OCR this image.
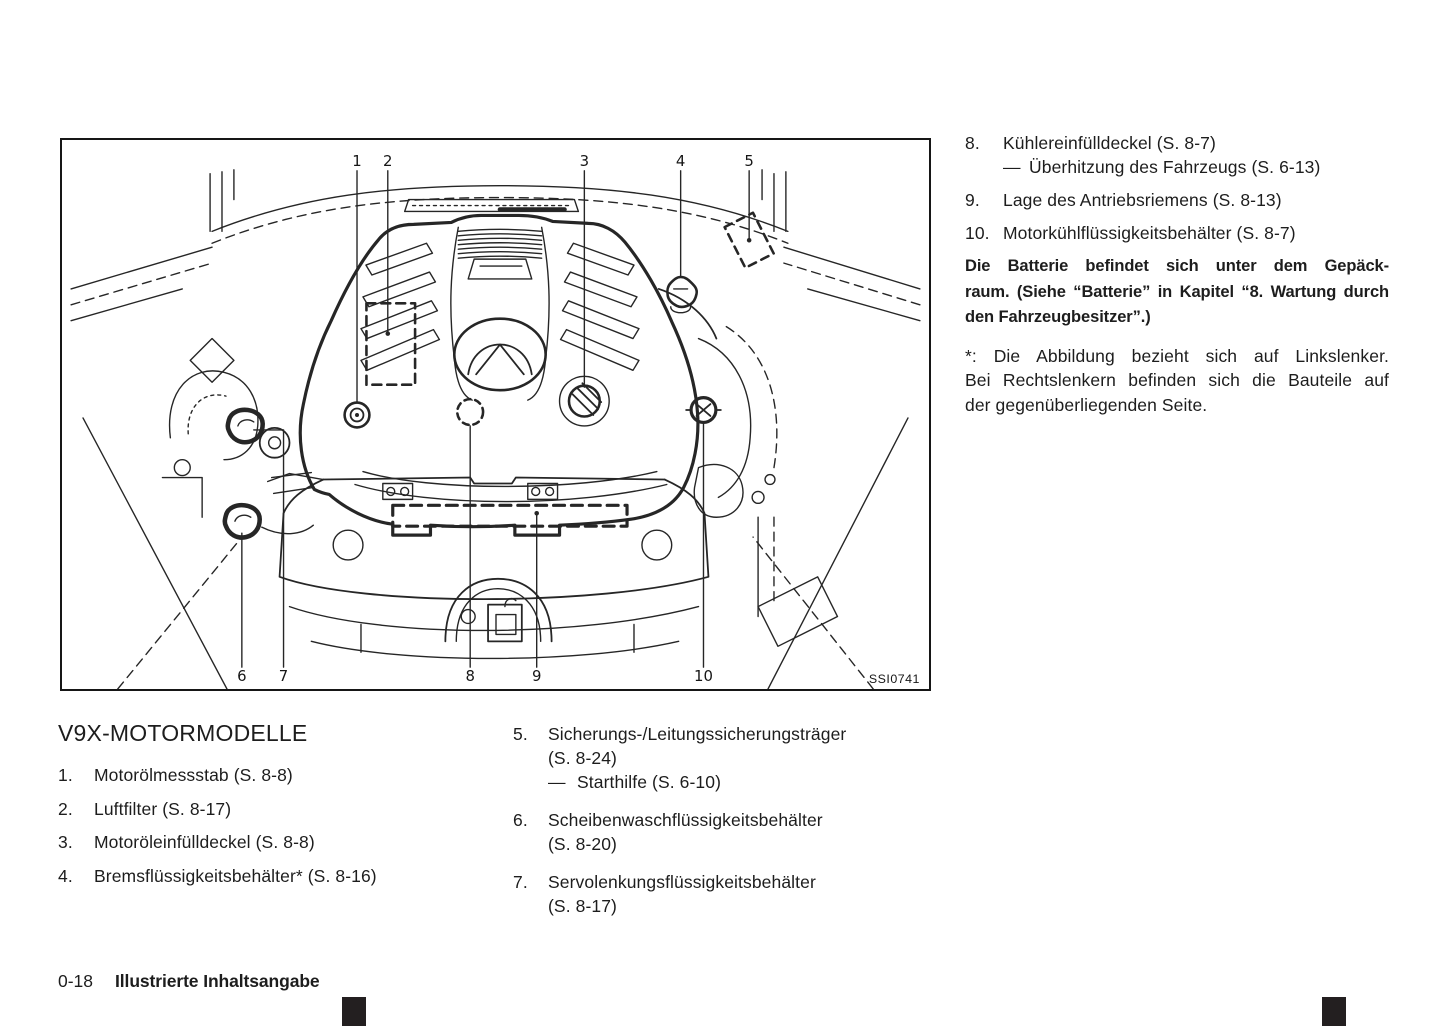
1 2	3	4	5
6 7	8	9	10	SSI0741
8.	Kühlereinfülldeckel (S. 8-7)
— Überhitzung des Fahrzeugs (S. 6-13)
9.	Lage des Antriebsriemens (S. 8-13)
10. Motorkühlflüssigkeitsbehälter (S. 8-7)

Die Batterie befindet sich unter dem Gepäck-
raum. (Siehe “Batterie” in Kapitel “8. Wartung durch
den Fahrzeugbesitzer”.)

*: Die Abbildung bezieht sich auf Linkslenker.
Bei Rechtslenkern befinden sich die Bauteile auf
der gegenüberliegenden Seite.

V9X-MOTORMODELLE
1.	Motorölmessstab (S. 8-8)
2.	Luftfilter (S. 8-17)
3.	Motoröleinfülldeckel (S. 8-8)
4.	Bremsflüssigkeitsbehälter* (S. 8-16)
5.	Sicherungs-/Leitungssicherungsträger
(S. 8-24)
— Starthilfe (S. 6-10)
6.	Scheibenwaschflüssigkeitsbehälter
(S. 8-20)
7.	Servolenkungsflüssigkeitsbehälter
(S. 8-17)
0-18 Illustrierte Inhaltsangabe
